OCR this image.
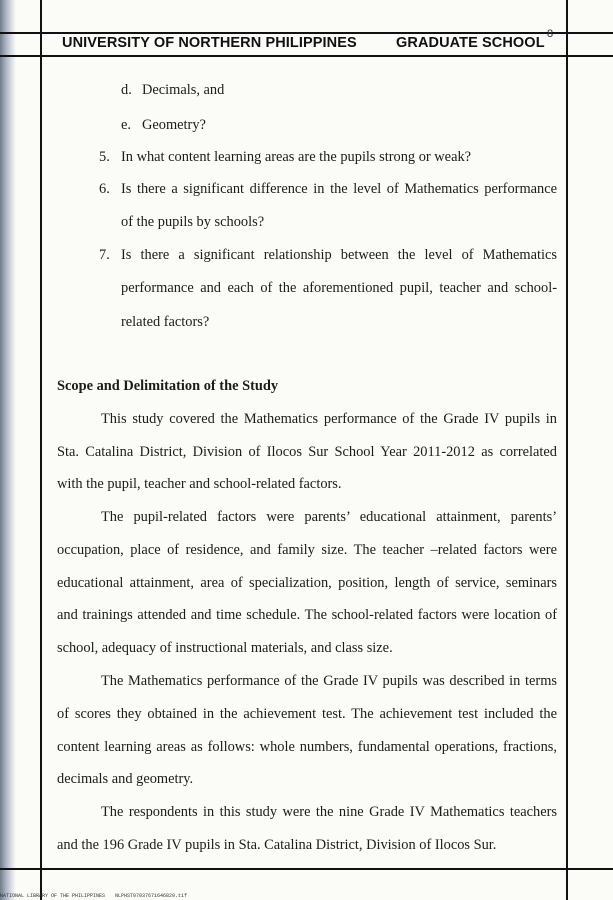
UNIVERSITY OF NORTHERN PHILIPPINES	GRADUATE SCHOOL
8
d. Decimals, and
e. Geometry?
5. In what content learning areas are the pupils strong or weak?
6. Is there a significant difference in the level of Mathematics performance
of the pupils by schools?
7. Is there a significant relationship between the level of Mathematics
performance and each of the aforementioned pupil, teacher and school-
related factors?
Scope and Delimitation of the Study
This study covered the Mathematics performance of the Grade IV pupils in
Sta. Catalina District, Division of Ilocos Sur School Year 2011-2012 as correlated
with the pupil, teacher and school-related factors.
The pupil-related factors were parents’ educational attainment, parents’
occupation, place of residence, and family size. The teacher –related factors were
educational attainment, area of specialization, position, length of service, seminars
and trainings attended and time schedule. The school-related factors were location of
school, adequacy of instructional materials, and class size.
The Mathematics performance of the Grade IV pupils was described in terms
of scores they obtained in the achievement test. The achievement test included the
content learning areas as follows: whole numbers, fundamental operations, fractions,
decimals and geometry.
The respondents in this study were the nine Grade IV Mathematics teachers
and the 196 Grade IV pupils in Sta. Catalina District, Division of Ilocos Sur.
NATIONAL LIBRARY OF THE PHILIPPINES NLPHST07037671646820.tif
